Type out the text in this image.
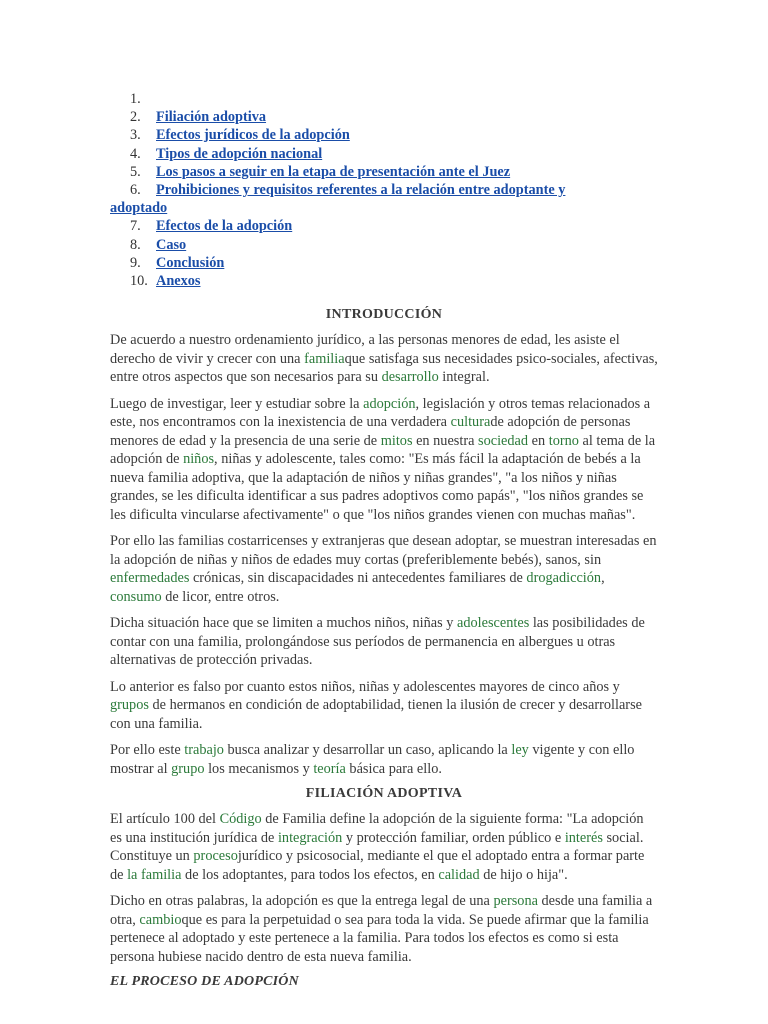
1.
2. Filiación adoptiva
3. Efectos jurídicos de la adopción
4. Tipos de adopción nacional
5. Los pasos a seguir en la etapa de presentación ante el Juez
6. Prohibiciones y requisitos referentes a la relación entre adoptante y
adoptado
7. Efectos de la adopción
8. Caso
9. Conclusión
10. Anexos
INTRODUCCIÓN

De acuerdo a nuestro ordenamiento jurídico, a las personas menores de edad, les asiste el derecho de vivir y crecer con una familiaque satisfaga sus necesidades psico-sociales, afectivas, entre otros aspectos que son necesarios para su desarrollo integral.

Luego de investigar, leer y estudiar sobre la adopción, legislación y otros temas relacionados a este, nos encontramos con la inexistencia de una verdadera culturade adopción de personas menores de edad y la presencia de una serie de mitos en nuestra sociedad en torno al tema de la adopción de niños, niñas y adolescente, tales como: "Es más fácil la adaptación de bebés a la nueva familia adoptiva, que la adaptación de niños y niñas grandes", "a los niños y niñas grandes, se les dificulta identificar a sus padres adoptivos como papás", "los niños grandes se les dificulta vincularse afectivamente" o que "los niños grandes vienen con muchas mañas".

Por ello las familias costarricenses y extranjeras que desean adoptar, se muestran interesadas en la adopción de niñas y niños de edades muy cortas (preferiblemente bebés), sanos, sin enfermedades crónicas, sin discapacidades ni antecedentes familiares de drogadicción, consumo de licor, entre otros.

Dicha situación hace que se limiten a muchos niños, niñas y adolescentes las posibilidades de contar con una familia, prolongándose sus períodos de permanencia en albergues u otras alternativas de protección privadas.

Lo anterior es falso por cuanto estos niños, niñas y adolescentes mayores de cinco años y grupos de hermanos en condición de adoptabilidad, tienen la ilusión de crecer y desarrollarse con una familia.

Por ello este trabajo busca analizar y desarrollar un caso, aplicando la ley vigente y con ello mostrar al grupo los mecanismos y teoría básica para ello.

FILIACIÓN ADOPTIVA

El artículo 100 del Código de Familia define la adopción de la siguiente forma: "La adopción es una institución jurídica de integración y protección familiar, orden público e interés social. Constituye un procesojurídico y psicosocial, mediante el que el adoptado entra a formar parte de la familia de los adoptantes, para todos los efectos, en calidad de hijo o hija".

Dicho en otras palabras, la adopción es que la entrega legal de una persona desde una familia a otra, cambioque es para la perpetuidad o sea para toda la vida. Se puede afirmar que la familia pertenece al adoptado y este pertenece a la familia. Para todos los efectos es como si esta persona hubiese nacido dentro de esta nueva familia.

EL PROCESO DE ADOPCIÓN
